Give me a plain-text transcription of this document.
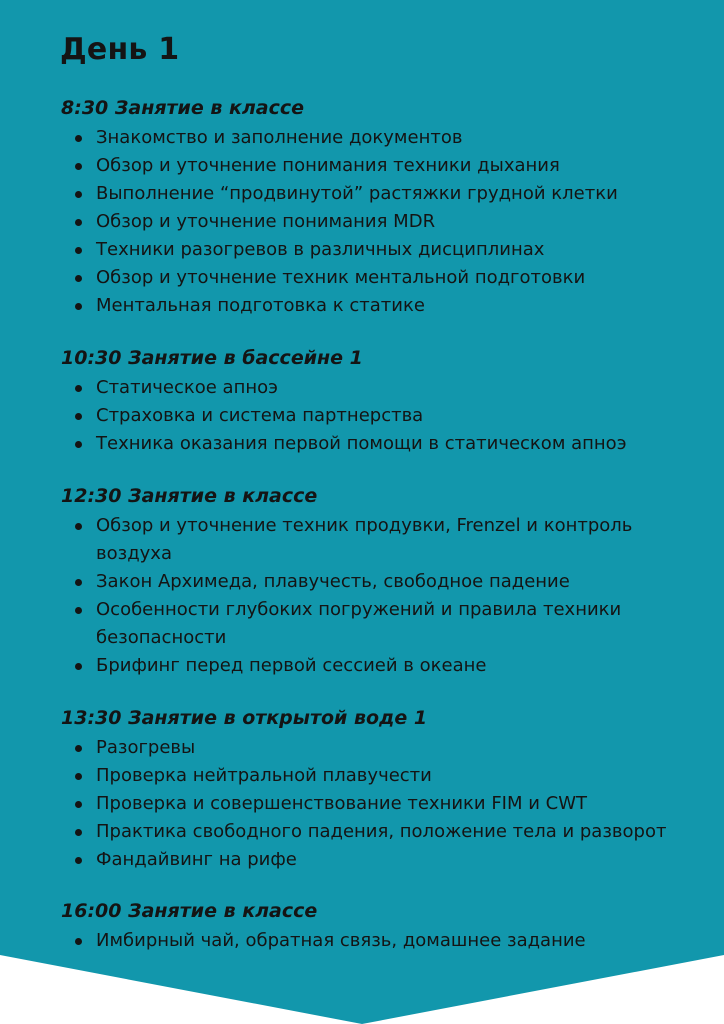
День 1
8:30 Занятие в классе
Знакомство и заполнение документов
Обзор и уточнение понимания техники дыхания
Выполнение “продвинутой” растяжки грудной клетки
Обзор и уточнение понимания MDR
Техники разогревов в различных дисциплинах
Обзор и уточнение техник ментальной подготовки
Ментальная подготовка к статике
10:30 Занятие в бассейне 1
Статическое апноэ
Страховка и система партнерства
Техника оказания первой помощи в статическом апноэ
12:30 Занятие в классе
Обзор и уточнение техник продувки, Frenzel и контроль воздуха
Закон Архимеда, плавучесть, свободное падение
Особенности глубоких погружений и правила техники безопасности
Брифинг перед первой сессией в океане
13:30 Занятие в открытой воде 1
Разогревы
Проверка нейтральной плавучести
Проверка и совершенствование техники FIM и CWT
Практика свободного падения, положение тела и разворот
Фандайвинг на рифе
16:00 Занятие в классе
Имбирный чай, обратная связь, домашнее задание
